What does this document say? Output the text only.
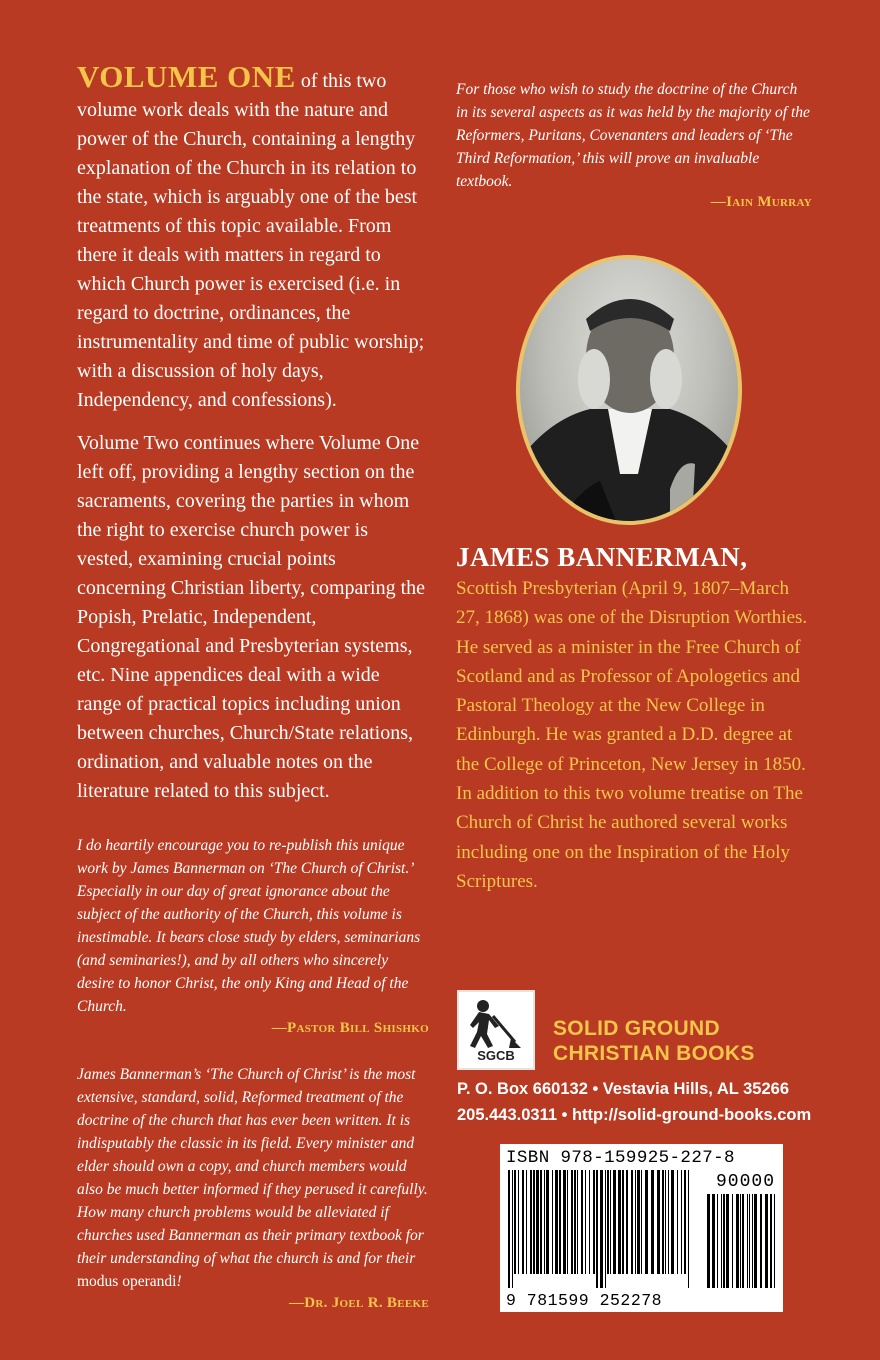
VOLUME ONE of this two volume work deals with the nature and power of the Church, containing a lengthy explanation of the Church in its relation to the state, which is arguably one of the best treatments of this topic available. From there it deals with matters in regard to which Church power is exercised (i.e. in regard to doctrine, ordinances, the instrumentality and time of public worship; with a discussion of holy days, Independency, and confessions).

Volume Two continues where Volume One left off, providing a lengthy section on the sacraments, covering the parties in whom the right to exercise church power is vested, examining crucial points concerning Christian liberty, comparing the Popish, Prelatic, Independent, Congregational and Presbyterian systems, etc. Nine appendices deal with a wide range of practical topics including union between churches, Church/State relations, ordination, and valuable notes on the literature related to this subject.

I do heartily encourage you to re-publish this unique work by James Bannerman on ‘The Church of Christ.’ Especially in our day of great ignorance about the subject of the authority of the Church, this volume is inestimable. It bears close study by elders, seminarians (and seminaries!), and by all others who sincerely desire to honor Christ, the only King and Head of the Church.

—Pastor Bill Shishko

James Bannerman’s ‘The Church of Christ’ is the most extensive, standard, solid, Reformed treatment of the doctrine of the church that has ever been written. It is indisputably the classic in its field. Every minister and elder should own a copy, and church members would also be much better informed if they perused it carefully. How many church problems would be alleviated if churches used Bannerman as their primary textbook for their understanding of what the church is and for their modus operandi!

—Dr. Joel R. Beeke

For those who wish to study the doctrine of the Church in its several aspects as it was held by the majority of the Reformers, Puritans, Covenanters and leaders of ‘The Third Reformation,’ this will prove an invaluable textbook.

—Iain Murray

JAMES BANNERMAN,

Scottish Presbyterian (April 9, 1807–March 27, 1868) was one of the Disruption Worthies. He served as a minister in the Free Church of Scotland and as Professor of Apologetics and Pastoral Theology at the New College in Edinburgh. He was granted a D.D. degree at the College of Princeton, New Jersey in 1850. In addition to this two volume treatise on The Church of Christ he authored several works including one on the Inspiration of the Holy Scriptures.

SGCB
SOLID GROUND
CHRISTIAN BOOKS
P. O. Box 660132 • Vestavia Hills, AL 35266
205.443.0311 • http://solid-ground-books.com
ISBN 978-159925-227-8
90000
9 781599 252278
